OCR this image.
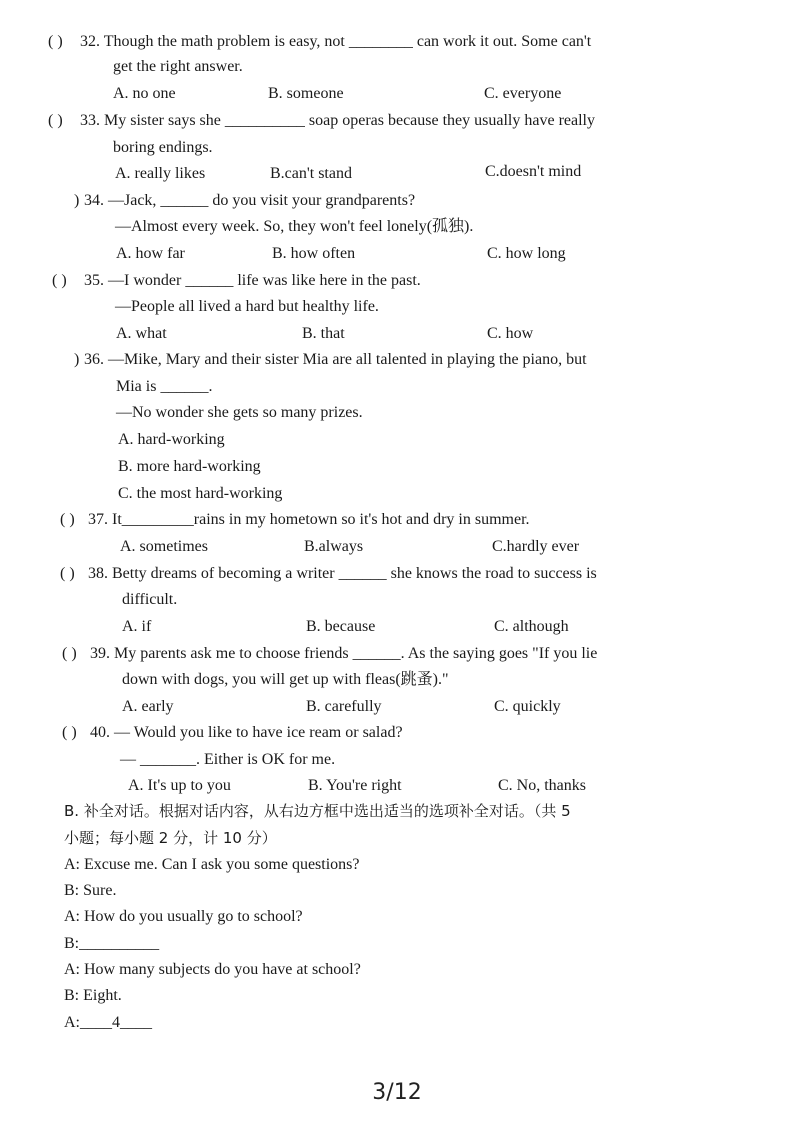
( ) 32. Though the math problem is easy, not ________ can work it out. Some can't
get the right answer.
A. no one	B. someone	C. everyone
( ) 33. My sister says she __________ soap operas because they usually have really
boring endings.
A. really likes	B.can't stand	C.doesn't mind
) 34. —Jack, ______ do you visit your grandparents?
—Almost every week. So, they won't feel lonely(孤独).
A. how far	B. how often	C. how long
( ) 35. —I wonder ______ life was like here in the past.
—People all lived a hard but healthy life.
A. what	B. that	C. how
) 36. —Mike, Mary and their sister Mia are all talented in playing the piano, but
Mia is ______.
—No wonder she gets so many prizes.
A. hard-working
B. more hard-working
C. the most hard-working
( ) 37. It_________rains in my hometown so it's hot and dry in summer.
A. sometimes	B.always	C.hardly ever
( ) 38. Betty dreams of becoming a writer ______ she knows the road to success is
difficult.
A. if	B. because	C. although
( ) 39. My parents ask me to choose friends ______. As the saying goes "If you lie
down with dogs, you will get up with fleas(跳蚤)."
A. early	B. carefully	C. quickly
( ) 40. — Would you like to have ice ream or salad?
— _______. Either is OK for me.
A. It's up to you	B. You're right	C. No, thanks
B. 补全对话。根据对话内容，从右边方框中选出适当的选项补全对话。（共 5
小题；每小题 2 分，计 10 分）
A: Excuse me. Can I ask you some questions?
B: Sure.
A: How do you usually go to school?
B:__________
A: How many subjects do you have at school?
B: Eight.
A:____4____
3/12
